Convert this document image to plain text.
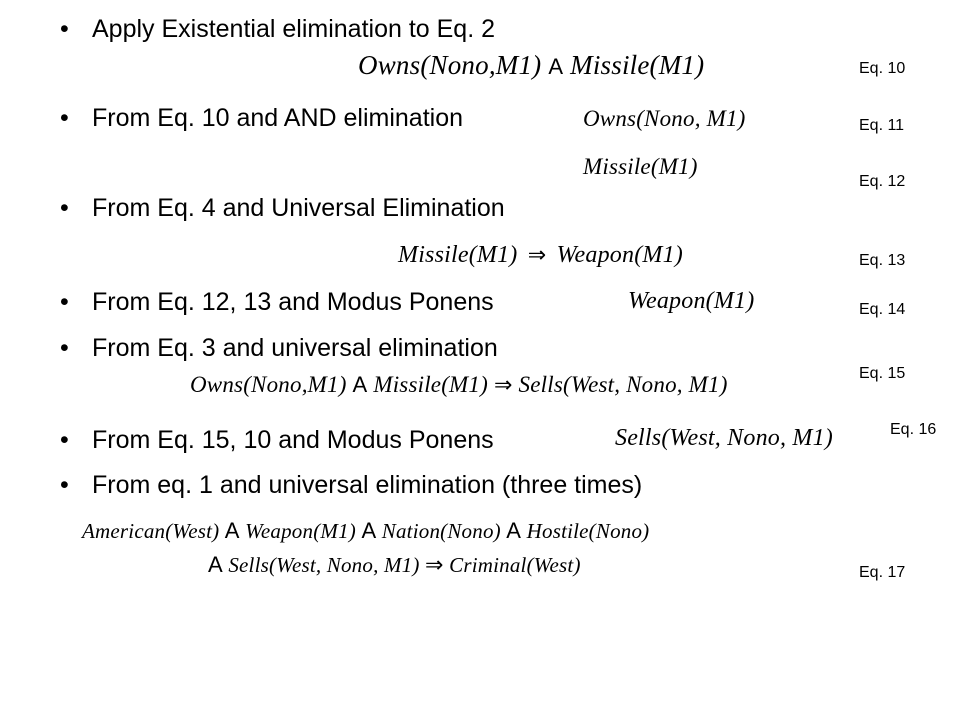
• Apply Existential elimination to Eq. 2
• From Eq. 10 and AND elimination
• From Eq. 4 and Universal Elimination
• From Eq. 12, 13 and Modus Ponens
• From Eq. 3 and universal elimination
• From Eq. 15, 10 and Modus Ponens
• From eq. 1 and universal elimination (three times)
Owns(Nono,M1) A Missile(M1)
Owns(Nono, M1)
Missile(M1)
Missile(M1) ⇒ Weapon(M1)
Weapon(M1)
Owns(Nono,M1) A Missile(M1) ⇒ Sells(West, Nono, M1)
Sells(West, Nono, M1)
American(West) A Weapon(M1) A Nation(Nono) A Hostile(Nono)
A Sells(West, Nono, M1) ⇒ Criminal(West)
Eq. 10
Eq. 11
Eq. 12
Eq. 13
Eq. 14
Eq. 15
Eq. 16
Eq. 17
